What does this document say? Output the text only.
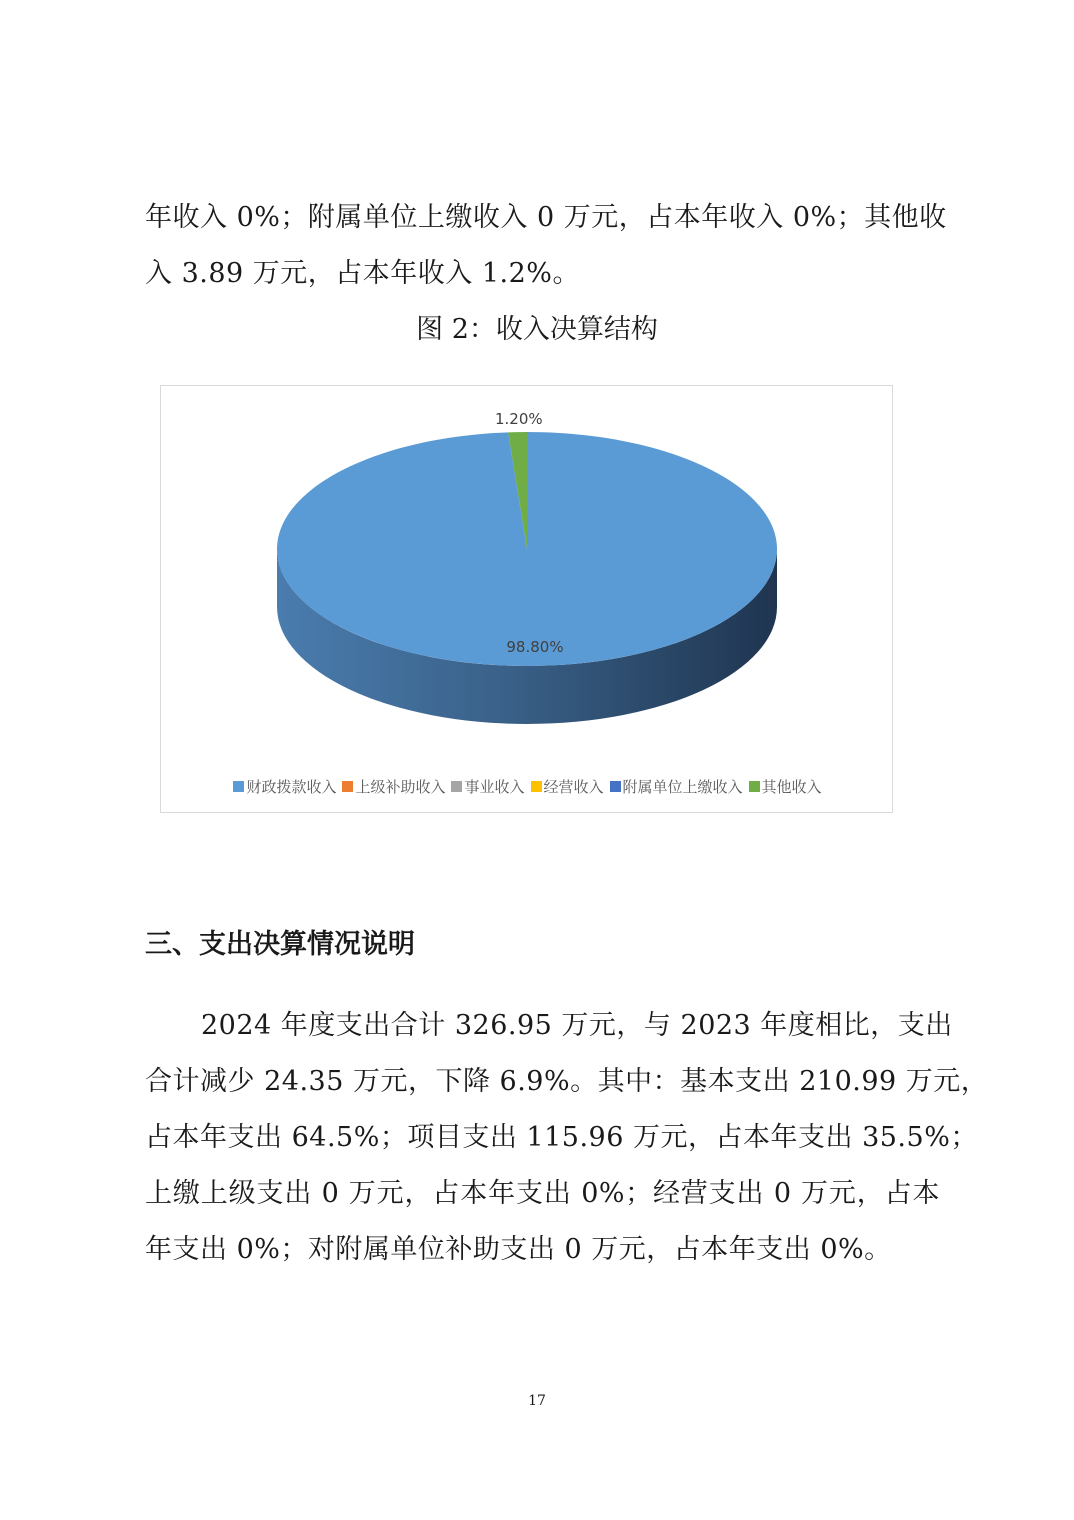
年收入 0%；附属单位上缴收入 0 万元，占本年收入 0%；其他收
入 3.89 万元，占本年收入 1.2%。
图 2：收入决算结构
98.80%
1.20%
财政拨款收入 上级补助收入 事业收入 经营收入 附属单位上缴收入 其他收入
三、支出决算情况说明
2024 年度支出合计 326.95 万元，与 2023 年度相比，支出
合计减少 24.35 万元，下降 6.9%。其中：基本支出 210.99 万元，
占本年支出 64.5%；项目支出 115.96 万元，占本年支出 35.5%；
上缴上级支出 0 万元，占本年支出 0%；经营支出 0 万元，占本
年支出 0%；对附属单位补助支出 0 万元，占本年支出 0%。
17
